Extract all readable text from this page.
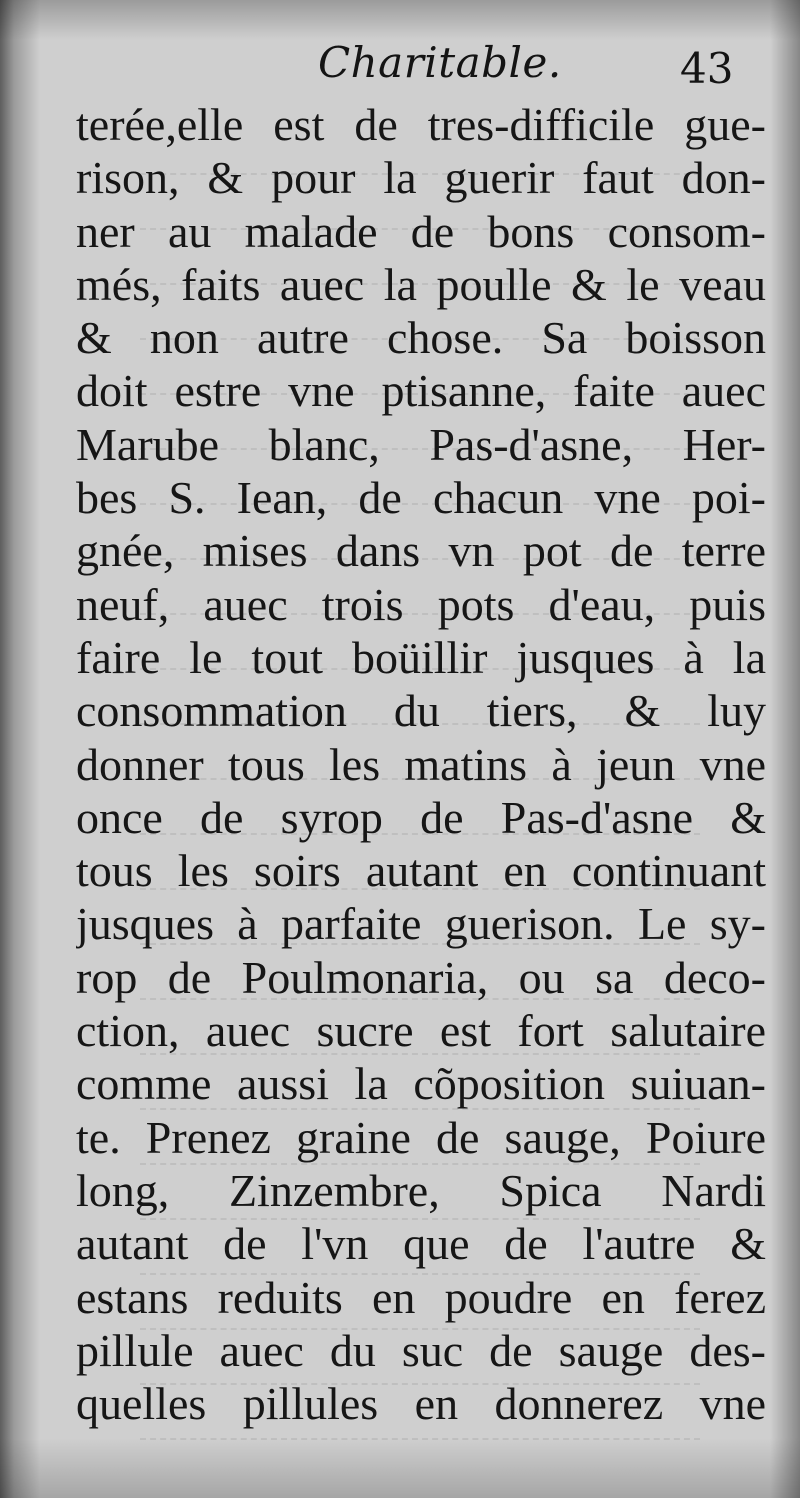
Charitable.	43
terée,elle est de tres-difficile gue-
rison, & pour la guerir faut don-
ner au malade de bons consom-
més, faits auec la poulle & le veau
& non autre chose. Sa boisson
doit estre vne ptisanne, faite auec
Marube blanc, Pas-d'asne, Her-
bes S. Iean, de chacun vne poi-
gnée, mises dans vn pot de terre
neuf, auec trois pots d'eau, puis
faire le tout boüillir jusques à la
consommation du tiers, & luy
donner tous les matins à jeun vne
once de syrop de Pas-d'asne &
tous les soirs autant en continuant
jusques à parfaite guerison. Le sy-
rop de Poulmonaria, ou sa deco-
ction, auec sucre est fort salutaire
comme aussi la cõposition suiuan-
te. Prenez graine de sauge, Poiure
long, Zinzembre, Spica Nardi
autant de l'vn que de l'autre &
estans reduits en poudre en ferez
pillule auec du suc de sauge des-
quelles pillules en donnerez vne
